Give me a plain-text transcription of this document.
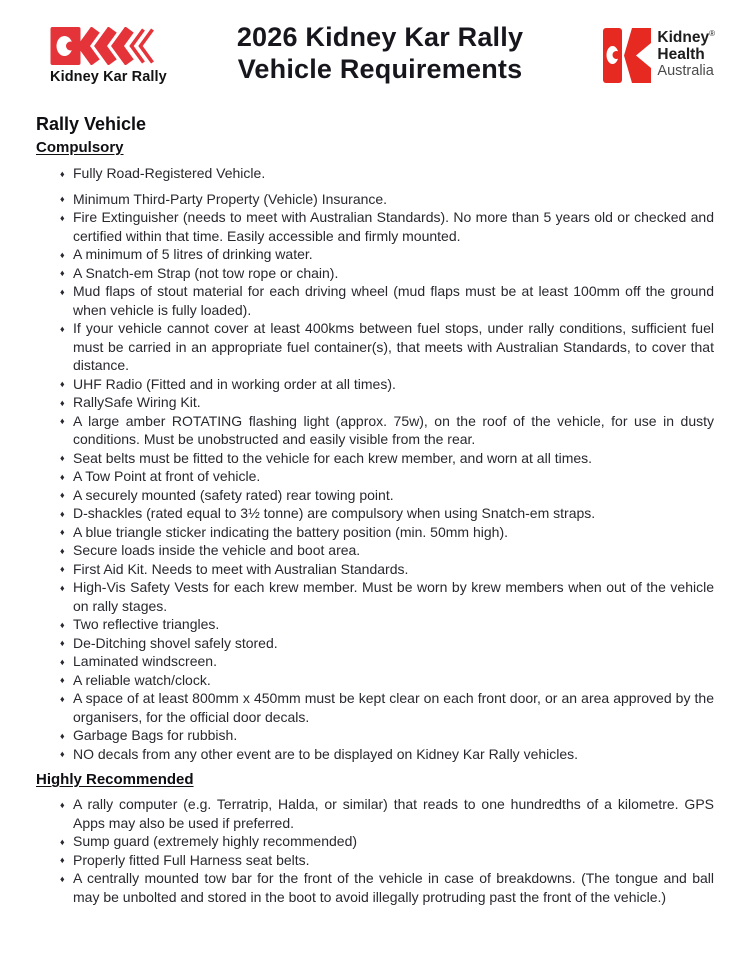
Kidney Kar Rally
2026 Kidney Kar Rally
Vehicle Requirements
Kidney®
Health
Australia
Rally Vehicle
Compulsory
♦ Fully Road-Registered Vehicle.
♦ Minimum Third-Party Property (Vehicle) Insurance.
♦ Fire Extinguisher (needs to meet with Australian Standards). No more than 5 years old or checked and certified within that time. Easily accessible and firmly mounted.
♦ A minimum of 5 litres of drinking water.
♦ A Snatch-em Strap (not tow rope or chain).
♦ Mud flaps of stout material for each driving wheel (mud flaps must be at least 100mm off the ground when vehicle is fully loaded).
♦ If your vehicle cannot cover at least 400kms between fuel stops, under rally conditions, sufficient fuel must be carried in an appropriate fuel container(s), that meets with Australian Standards, to cover that distance.
♦ UHF Radio (Fitted and in working order at all times).
♦ RallySafe Wiring Kit.
♦ A large amber ROTATING flashing light (approx. 75w), on the roof of the vehicle, for use in dusty conditions. Must be unobstructed and easily visible from the rear.
♦ Seat belts must be fitted to the vehicle for each krew member, and worn at all times.
♦ A Tow Point at front of vehicle.
♦ A securely mounted (safety rated) rear towing point.
♦ D-shackles (rated equal to 3½ tonne) are compulsory when using Snatch-em straps.
♦ A blue triangle sticker indicating the battery position (min. 50mm high).
♦ Secure loads inside the vehicle and boot area.
♦ First Aid Kit. Needs to meet with Australian Standards.
♦ High-Vis Safety Vests for each krew member. Must be worn by krew members when out of the vehicle on rally stages.
♦ Two reflective triangles.
♦ De-Ditching shovel safely stored.
♦ Laminated windscreen.
♦ A reliable watch/clock.
♦ A space of at least 800mm x 450mm must be kept clear on each front door, or an area approved by the organisers, for the official door decals.
♦ Garbage Bags for rubbish.
♦ NO decals from any other event are to be displayed on Kidney Kar Rally vehicles.
Highly Recommended
♦ A rally computer (e.g. Terratrip, Halda, or similar) that reads to one hundredths of a kilometre. GPS Apps may also be used if preferred.
♦ Sump guard (extremely highly recommended)
♦ Properly fitted Full Harness seat belts.
♦ A centrally mounted tow bar for the front of the vehicle in case of breakdowns. (The tongue and ball may be unbolted and stored in the boot to avoid illegally protruding past the front of the vehicle.)
